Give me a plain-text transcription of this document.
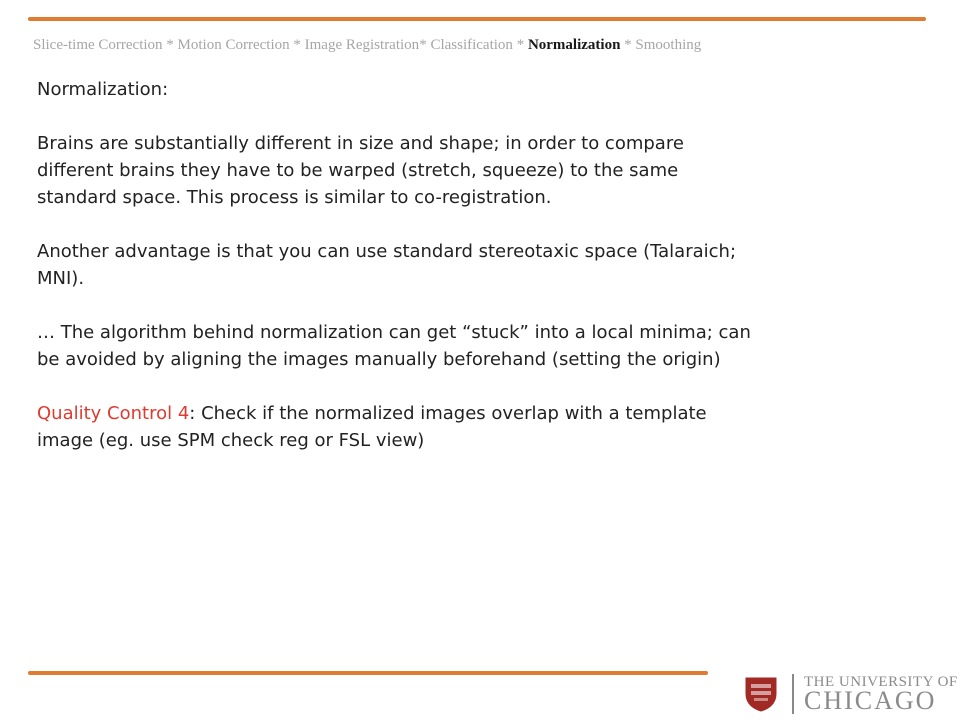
Slice-time Correction * Motion Correction * Image Registration* Classification * Normalization * Smoothing

Normalization:

Brains are substantially different in size and shape; in order to compare different brains they have to be warped (stretch, squeeze) to the same standard space. This process is similar to co-registration.

Another advantage is that you can use standard stereotaxic space (Talaraich; MNI).

… The algorithm behind normalization can get “stuck” into a local minima; can be avoided by aligning the images manually beforehand (setting the origin)

Quality Control 4: Check if the normalized images overlap with a template image (eg. use SPM check reg or FSL view)

THE UNIVERSITY OF
CHICAGO
